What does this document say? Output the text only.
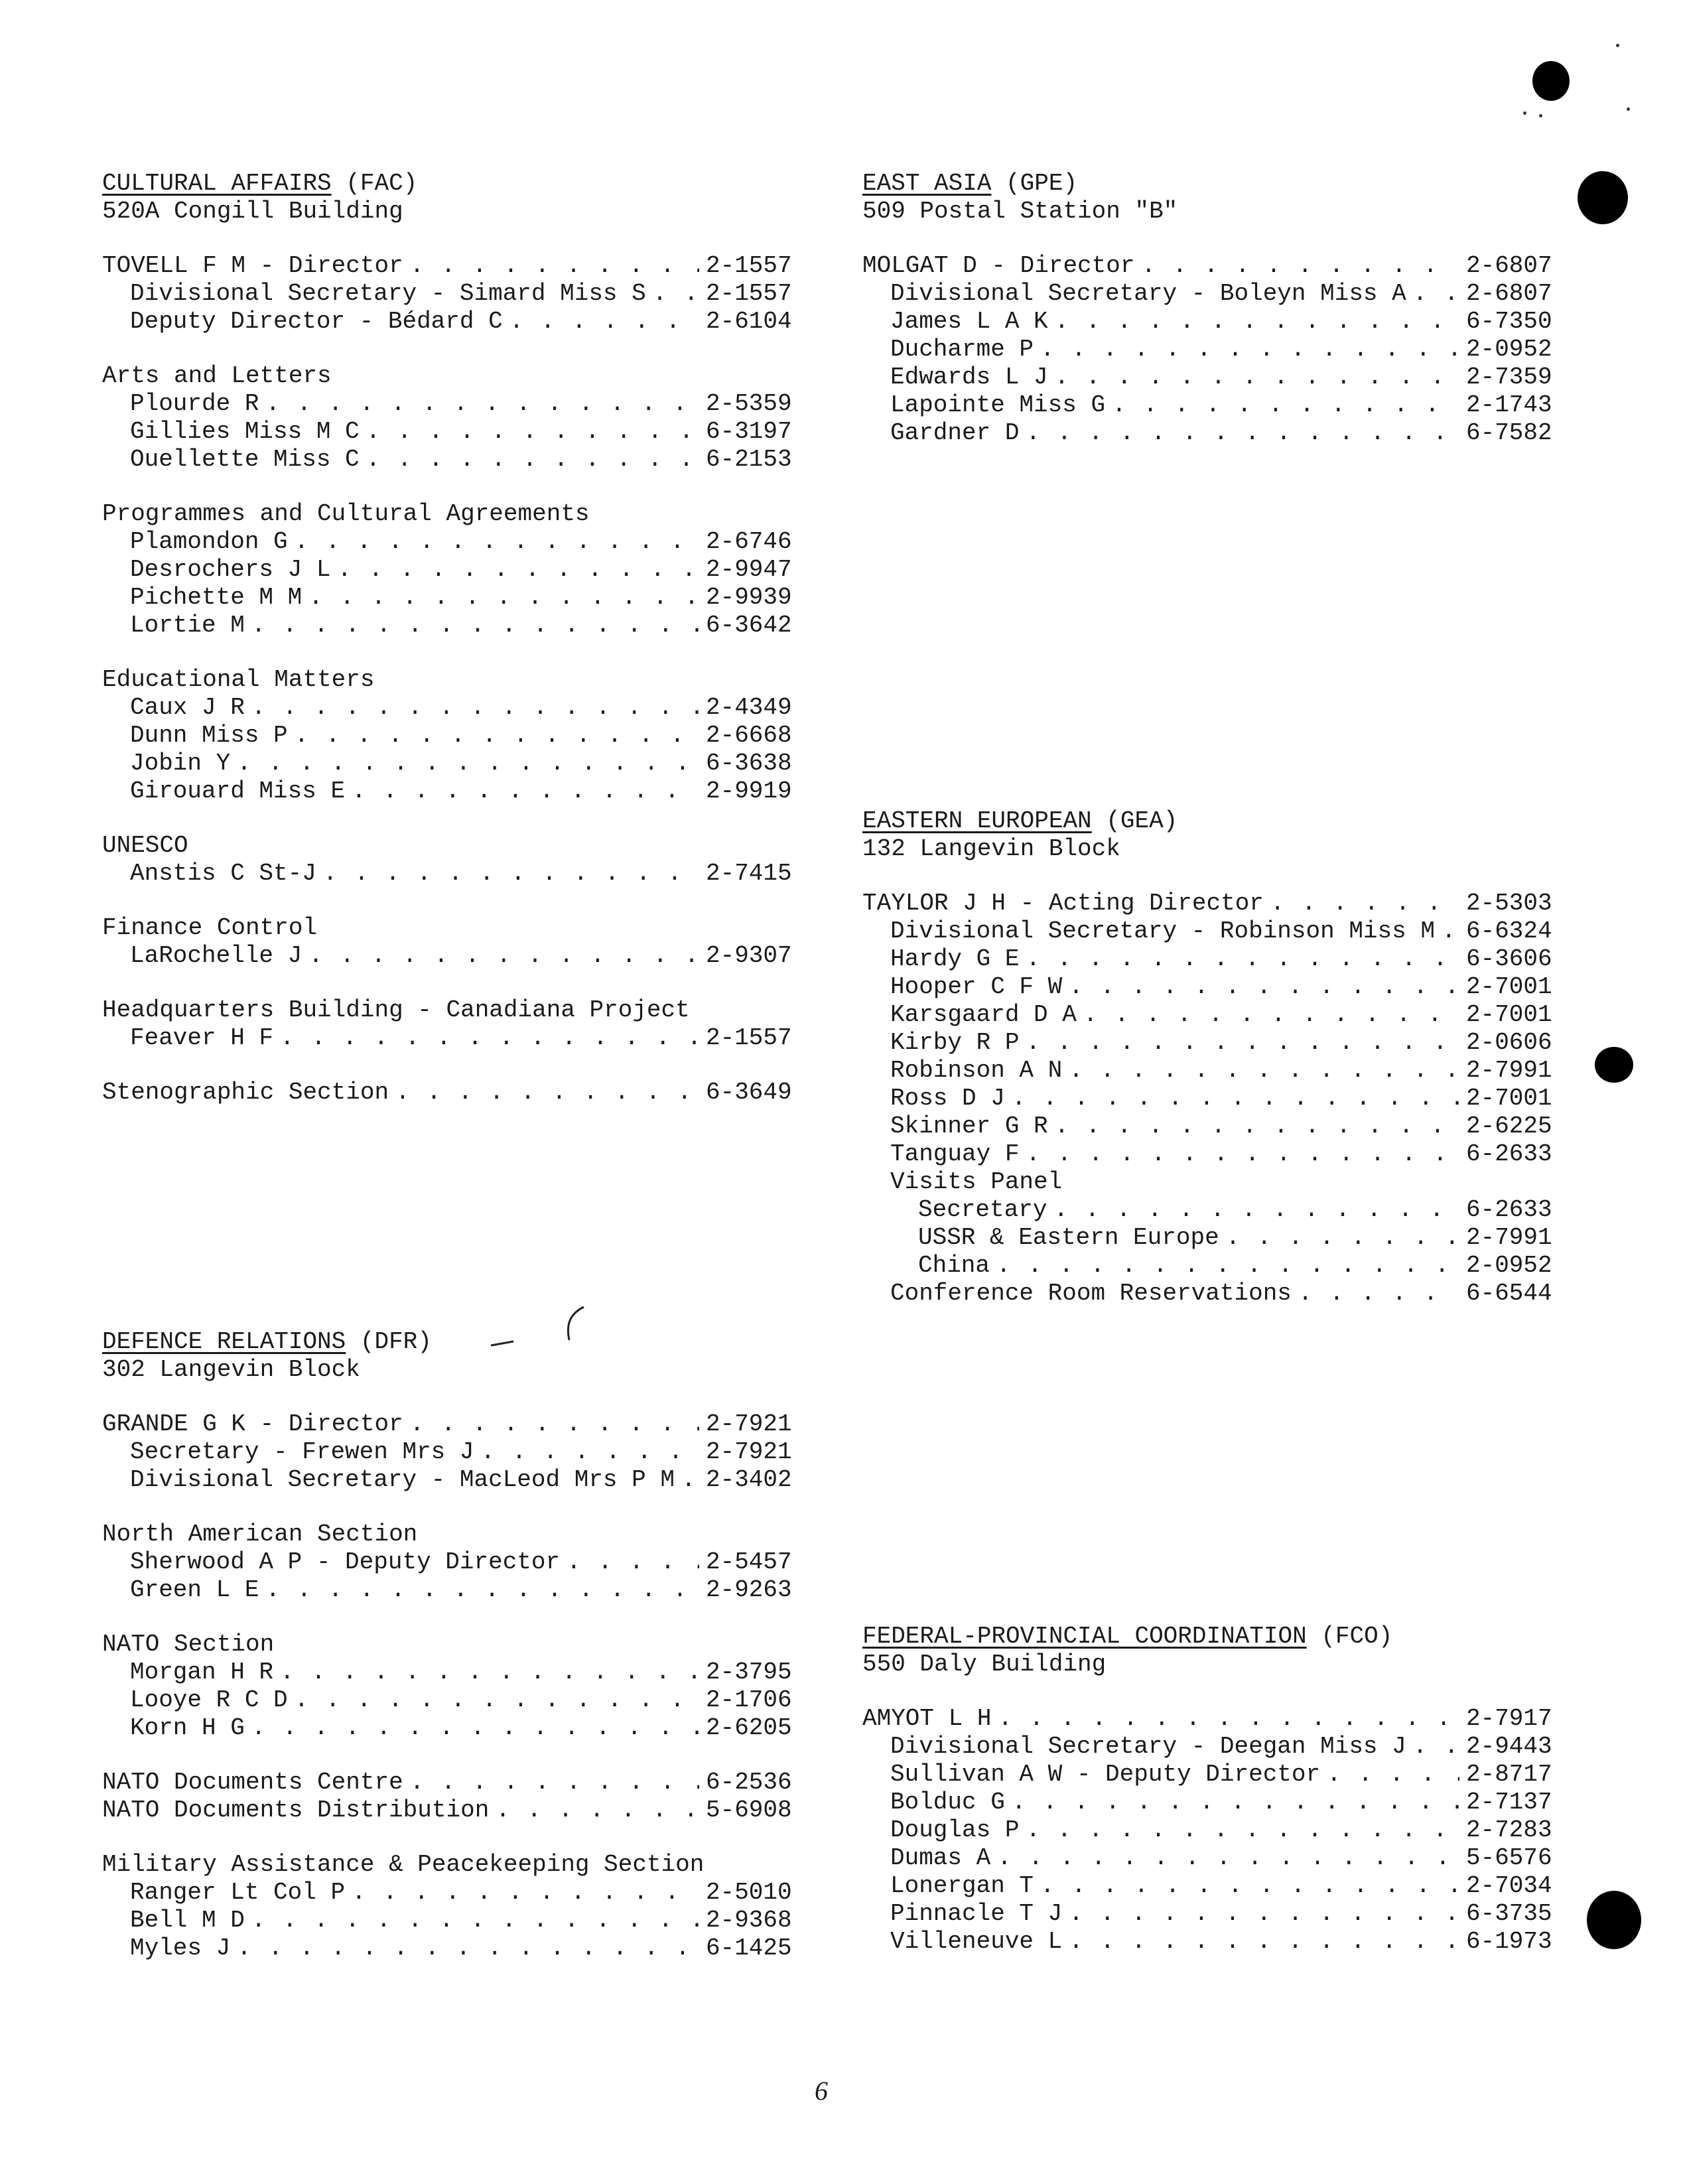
CULTURAL AFFAIRS (FAC)
520A Congill Building
TOVELL F M - Director . . .	2-1557
Divisional Secretary - Simard Miss S . . .	2-1557
Deputy Director - Bédard C . . .	2-6104
Arts and Letters
Plourde R . . .	2-5359
Gillies Miss M C . . .	6-3197
Ouellette Miss C . . .	6-2153
Programmes and Cultural Agreements
Plamondon G . . .	2-6746
Desrochers J L . . .	2-9947
Pichette M M . . .	2-9939
Lortie M . . .	6-3642
Educational Matters
Caux J R . . .	2-4349
Dunn Miss P . . .	2-6668
Jobin Y . . .	6-3638
Girouard Miss E . . .	2-9919
UNESCO
Anstis C St-J . . .	2-7415
Finance Control
LaRochelle J . . .	2-9307
Headquarters Building - Canadiana Project
Feaver H F . . .	2-1557
Stenographic Section . . .	6-3649
DEFENCE RELATIONS (DFR)
302 Langevin Block
GRANDE G K - Director . . .	2-7921
Secretary - Frewen Mrs J . . .	2-7921
Divisional Secretary - MacLeod Mrs P M . . . 2-3402
North American Section
Sherwood A P - Deputy Director . . .	2-5457
Green L E . . .	2-9263
NATO Section
Morgan H R . . .	2-3795
Looye R C D . . .	2-1706
Korn H G . . .	2-6205
NATO Documents Centre . . .	6-2536
NATO Documents Distribution . . .	5-6908
Military Assistance & Peacekeeping Section
Ranger Lt Col P . . .	2-5010
Bell M D . . .	2-9368
Myles J . . .	6-1425
EAST ASIA (GPE)
509 Postal Station "B"
MOLGAT D - Director . . .	2-6807
Divisional Secretary - Boleyn Miss A . . .	2-6807
James L A K . . .	6-7350
Ducharme P . . .	2-0952
Edwards L J . . .	2-7359
Lapointe Miss G . . .	2-1743
Gardner D . . .	6-7582
EASTERN EUROPEAN (GEA)
132 Langevin Block
TAYLOR J H - Acting Director . . .	2-5303
Divisional Secretary - Robinson Miss M . . . 6-6324
Hardy G E . . .	6-3606
Hooper C F W . . .	2-7001
Karsgaard D A . . .	2-7001
Kirby R P . . .	2-0606
Robinson A N . . .	2-7991
Ross D J . . .	2-7001
Skinner G R . . .	2-6225
Tanguay F . . .	6-2633
Visits Panel
Secretary . . .	6-2633
USSR & Eastern Europe . . .	2-7991
China . . .	2-0952
Conference Room Reservations . . .	6-6544
FEDERAL-PROVINCIAL COORDINATION (FCO)
550 Daly Building
AMYOT L H . . .	2-7917
Divisional Secretary - Deegan Miss J . . .	2-9443
Sullivan A W - Deputy Director . . .	2-8717
Bolduc G . . .	2-7137
Douglas P . . .	2-7283
Dumas A . . .	5-6576
Lonergan T . . .	2-7034
Pinnacle T J . . .	6-3735
Villeneuve L . . .	6-1973
6
